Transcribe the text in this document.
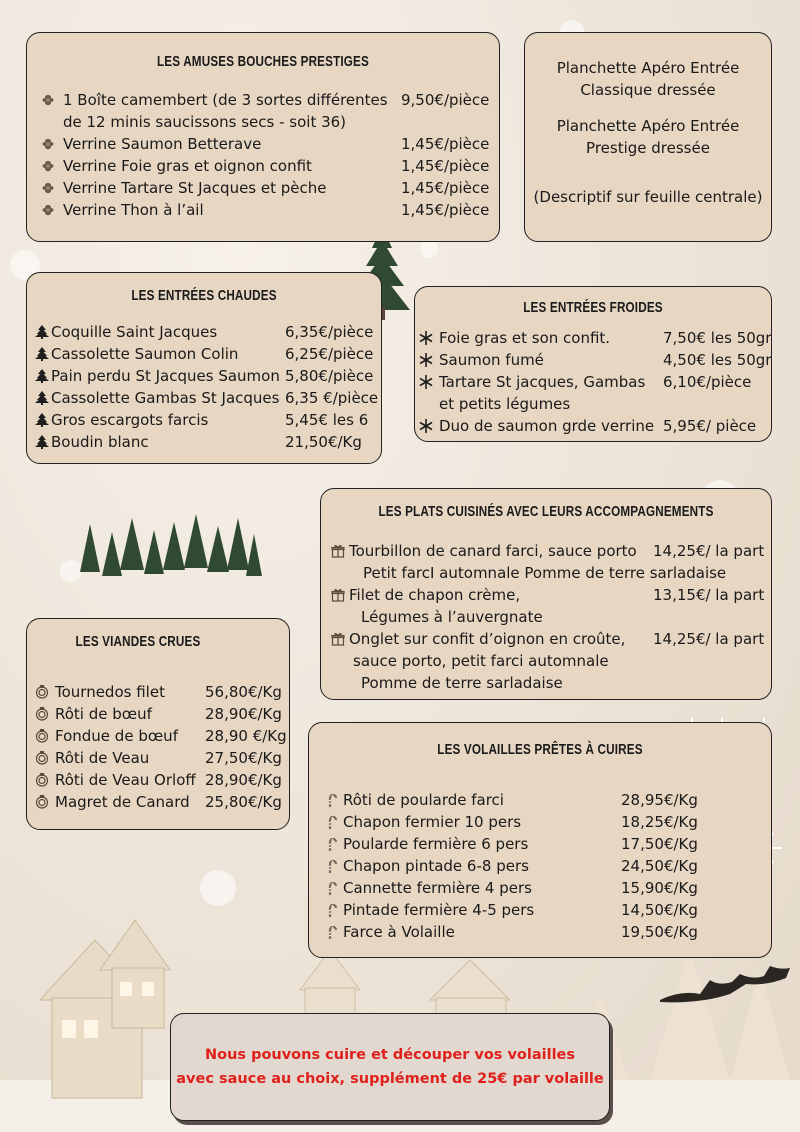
LES AMUSES BOUCHES PRESTIGES
1 Boîte camembert (de 3 sortes différentes 9,50€/pièce
de 12 minis saucissons secs - soit 36)
Verrine Saumon Betterave	1,45€/pièce
Verrine Foie gras et oignon confit	1,45€/pièce
Verrine Tartare St Jacques et pèche	1,45€/pièce
Verrine Thon à l’ail	1,45€/pièce
Planchette Apéro Entrée
Classique dressée
Planchette Apéro Entrée
Prestige dressée
(Descriptif sur feuille centrale)
LES ENTRÉES CHAUDES
Coquille Saint Jacques	6,35€/pièce
Cassolette Saumon Colin	6,25€/pièce
Pain perdu St Jacques Saumon 5,80€/pièce
Cassolette Gambas St Jacques 6,35 €/pièce
Gros escargots farcis	5,45€ les 6
Boudin blanc	21,50€/Kg
LES ENTRÉES FROIDES
Foie gras et son confit.	7,50€ les 50gr
Saumon fumé	4,50€ les 50gr
Tartare St jacques, Gambas 6,10€/pièce
et petits légumes
Duo de saumon grde verrine 5,95€/ pièce
LES PLATS CUISINÉS AVEC LEURS ACCOMPAGNEMENTS
Tourbillon de canard farci, sauce porto 14,25€/ la part
Petit farcI automnale Pomme de terre sarladaise
Filet de chapon crème,	13,15€/ la part
Légumes à l’auvergnate
Onglet sur confit d’oignon en croûte, 14,25€/ la part
sauce porto, petit farci automnale
Pomme de terre sarladaise
LES VIANDES CRUES
Tournedos filet	56,80€/Kg
Rôti de bœuf	28,90€/Kg
Fondue de bœuf 28,90 €/Kg
Rôti de Veau	27,50€/Kg
Rôti de Veau Orloff 28,90€/Kg
Magret de Canard 25,80€/Kg
LES VOLAILLES PRÊTES À CUIRES
Rôti de poularde farci	28,95€/Kg
Chapon fermier 10 pers	18,25€/Kg
Poularde fermière 6 pers	17,50€/Kg
Chapon pintade 6-8 pers	24,50€/Kg
Cannette fermière 4 pers	15,90€/Kg
Pintade fermière 4-5 pers	14,50€/Kg
Farce à Volaille	19,50€/Kg
Nous pouvons cuire et découper vos volailles
avec sauce au choix, supplément de 25€ par volaille
